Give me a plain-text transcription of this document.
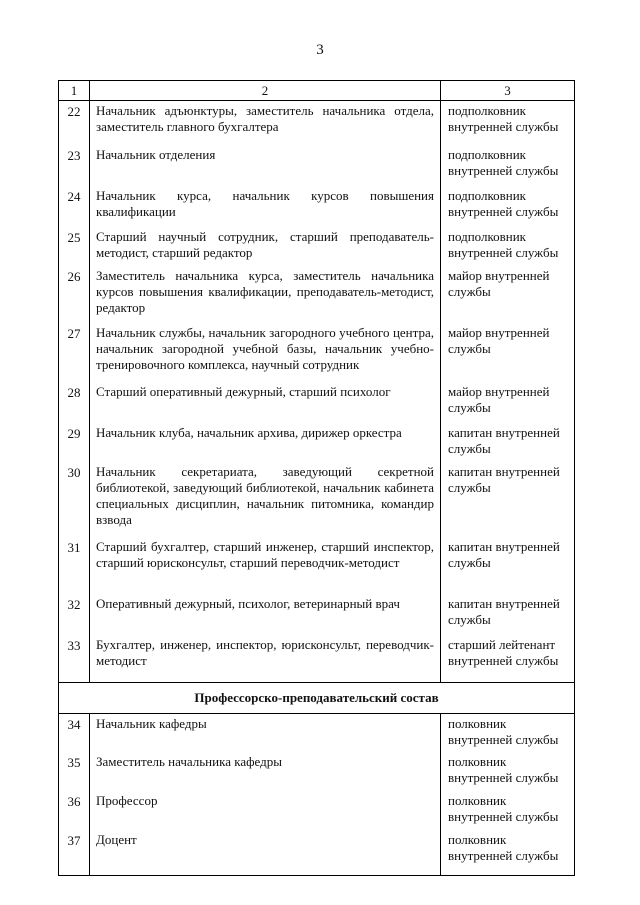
3
1	2	3
22	Начальник адъюнктуры, заместитель начальника отдела, заместитель главного бухгалтера	подполковник внутренней службы
23	Начальник отделения	подполковник внутренней службы
24	Начальник курса, начальник курсов повышения квалификации	подполковник внутренней службы
25	Старший научный сотрудник, старший преподаватель-методист, старший редактор	подполковник внутренней службы
26	Заместитель начальника курса, заместитель начальника курсов повышения квалификации, преподаватель-методист, редактор	майор внутренней службы
27	Начальник службы, начальник загородного учебного центра, начальник загородной учебной базы, начальник учебно-тренировочного комплекса, научный сотрудник	майор внутренней службы
28	Старший оперативный дежурный, старший психолог	майор внутренней службы
29	Начальник клуба, начальник архива, дирижер оркестра	капитан внутренней службы
30	Начальник секретариата, заведующий секретной библиотекой, заведующий библиотекой, начальник кабинета специальных дисциплин, начальник питомника, командир взвода	капитан внутренней службы
31	Старший бухгалтер, старший инженер, старший инспектор, старший юрисконсульт, старший переводчик-методист	капитан внутренней службы
32	Оперативный дежурный, психолог, ветеринарный врач	капитан внутренней службы
33	Бухгалтер, инженер, инспектор, юрисконсульт, переводчик-методист	старший лейтенант внутренней службы
Профессорско-преподавательский состав		
34	Начальник кафедры	полковник внутренней службы
35	Заместитель начальника кафедры	полковник внутренней службы
36	Профессор	полковник внутренней службы
37	Доцент	полковник внутренней службы
